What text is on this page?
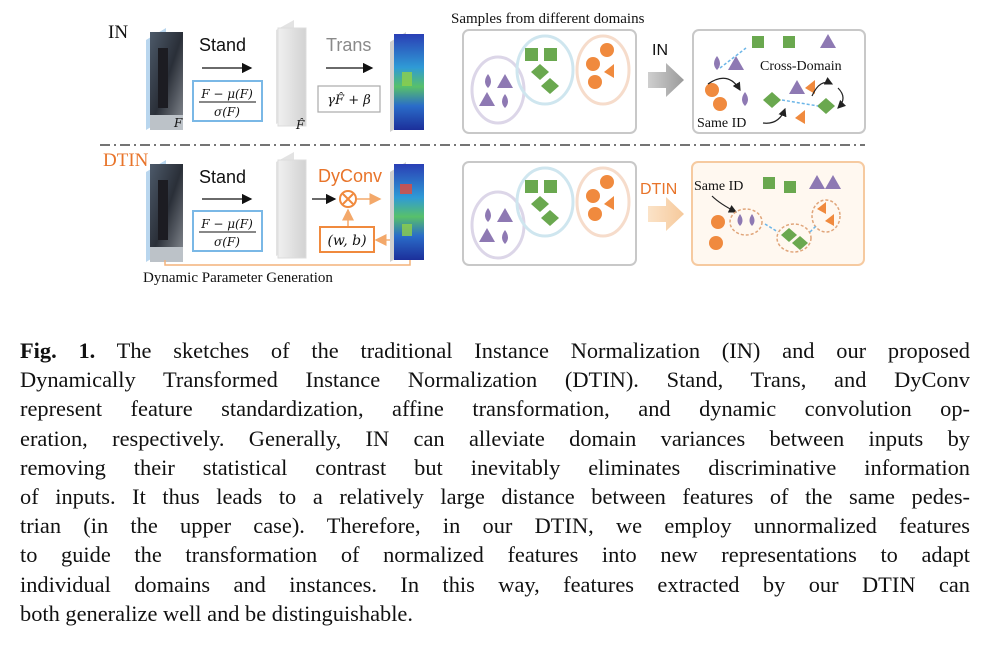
IN
F
Stand
F − μ(F)
σ(F)
F̂
Trans
γF̂ + β
Samples from different domains
IN
Cross-Domain
Same ID
DTIN
Stand
F − μ(F)
σ(F)
DyConv
(w, b)
Dynamic Parameter Generation
DTIN Same ID
Fig. 1. The sketches of the traditional Instance Normalization (IN) and our proposed
Dynamically Transformed Instance Normalization (DTIN). Stand, Trans, and DyConv
represent feature standardization, affine transformation, and dynamic convolution op-
eration, respectively. Generally, IN can alleviate domain variances between inputs by
removing their statistical contrast but inevitably eliminates discriminative information
of inputs. It thus leads to a relatively large distance between features of the same pedes-
trian (in the upper case). Therefore, in our DTIN, we employ unnormalized features
to guide the transformation of normalized features into new representations to adapt
individual domains and instances. In this way, features extracted by our DTIN can
both generalize well and be distinguishable.
